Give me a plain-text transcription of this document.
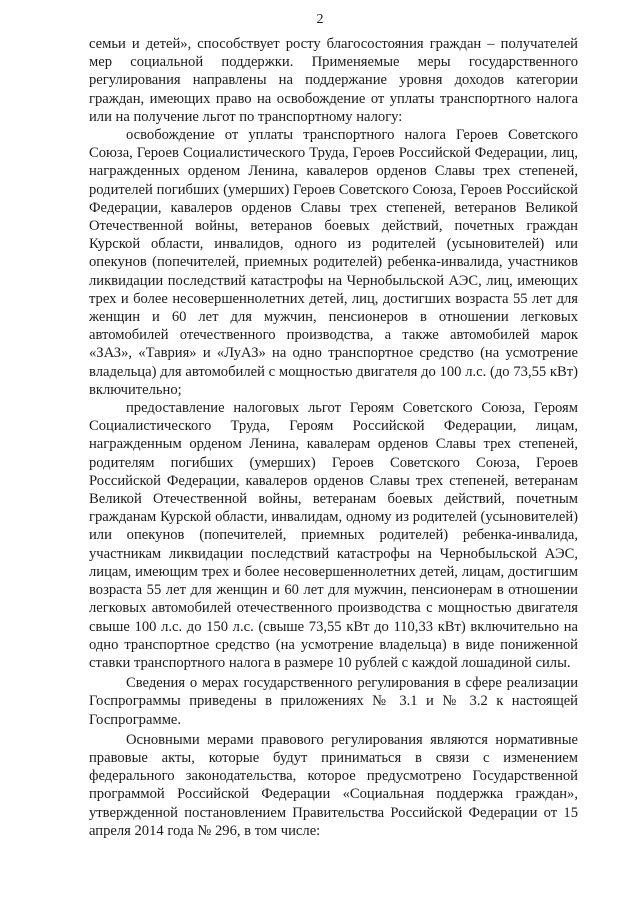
2

семьи и детей», способствует росту благосостояния граждан – получателей мер социальной поддержки. Применяемые меры государственного регулирования направлены на поддержание уровня доходов категории граждан, имеющих право на освобождение от уплаты транспортного налога или на получение льгот по транспортному налогу:

освобождение от уплаты транспортного налога Героев Советского Союза, Героев Социалистического Труда, Героев Российской Федерации, лиц, награжденных орденом Ленина, кавалеров орденов Славы трех степеней, родителей погибших (умерших) Героев Советского Союза, Героев Российской Федерации, кавалеров орденов Славы трех степеней, ветеранов Великой Отечественной войны, ветеранов боевых действий, почетных граждан Курской области, инвалидов, одного из родителей (усыновителей) или опекунов (попечителей, приемных родителей) ребенка-инвалида, участников ликвидации последствий катастрофы на Чернобыльской АЭС, лиц, имеющих трех и более несовершеннолетних детей, лиц, достигших возраста 55 лет для женщин и 60 лет для мужчин, пенсионеров в отношении легковых автомобилей отечественного производства, а также автомобилей марок «ЗАЗ», «Таврия» и «ЛуАЗ» на одно транспортное средство (на усмотрение владельца) для автомобилей с мощностью двигателя до 100 л.с. (до 73,55 кВт) включительно;

предоставление налоговых льгот Героям Советского Союза, Героям Социалистического Труда, Героям Российской Федерации, лицам, награжденным орденом Ленина, кавалерам орденов Славы трех степеней, родителям погибших (умерших) Героев Советского Союза, Героев Российской Федерации, кавалеров орденов Славы трех степеней, ветеранам Великой Отечественной войны, ветеранам боевых действий, почетным гражданам Курской области, инвалидам, одному из родителей (усыновителей) или опекунов (попечителей, приемных родителей) ребенка-инвалида, участникам ликвидации последствий катастрофы на Чернобыльской АЭС, лицам, имеющим трех и более несовершеннолетних детей, лицам, достигшим возраста 55 лет для женщин и 60 лет для мужчин, пенсионерам в отношении легковых автомобилей отечественного производства с мощностью двигателя свыше 100 л.с. до 150 л.с. (свыше 73,55 кВт до 110,33 кВт) включительно на одно транспортное средство (на усмотрение владельца) в виде пониженной ставки транспортного налога в размере 10 рублей с каждой лошадиной силы.

Сведения о мерах государственного регулирования в сфере реализации Госпрограммы приведены в приложениях № 3.1 и № 3.2 к настоящей Госпрограмме.

Основными мерами правового регулирования являются нормативные правовые акты, которые будут приниматься в связи с изменением федерального законодательства, которое предусмотрено Государственной программой Российской Федерации «Социальная поддержка граждан», утвержденной постановлением Правительства Российской Федерации от 15 апреля 2014 года № 296, в том числе:
